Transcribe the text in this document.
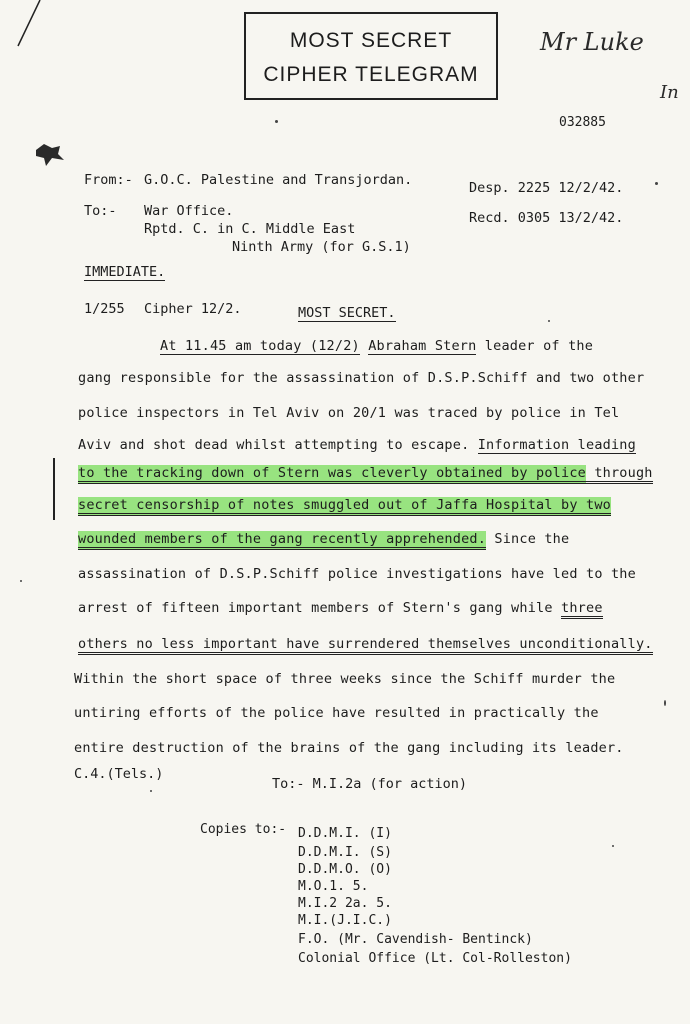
MOST SECRET
CIPHER TELEGRAM
Mr Luke
In
032885
From:- G.O.C. Palestine and Transjordan.	Desp. 2225 12/2/42.
To:- War Office.
Rptd. C. in C. Middle East
Ninth Army (for G.S.1)
Recd. 0305 13/2/42.
IMMEDIATE.
1/255 Cipher 12/2.	MOST SECRET.
At 11.45 am today (12/2) Abraham Stern leader of the
gang responsible for the assassination of D.S.P.Schiff and two other
police inspectors in Tel Aviv on 20/1 was traced by police in Tel
Aviv and shot dead whilst attempting to escape. Information leading
to the tracking down of Stern was cleverly obtained by police through
secret censorship of notes smuggled out of Jaffa Hospital by two
wounded members of the gang recently apprehended. Since the
assassination of D.S.P.Schiff police investigations have led to the
arrest of fifteen important members of Stern's gang while three
others no less important have surrendered themselves unconditionally.
Within the short space of three weeks since the Schiff murder the
untiring efforts of the police have resulted in practically the
entire destruction of the brains of the gang including its leader.
C.4.(Tels.)
To:- M.I.2a (for action)
Copies to:- D.D.M.I. (I)
D.D.M.I. (S)
D.D.M.O. (O)
M.O.1. 5.
M.I.2 2a. 5.
M.I.(J.I.C.)
F.O. (Mr. Cavendish- Bentinck)
Colonial Office (Lt. Col-Rolleston)
